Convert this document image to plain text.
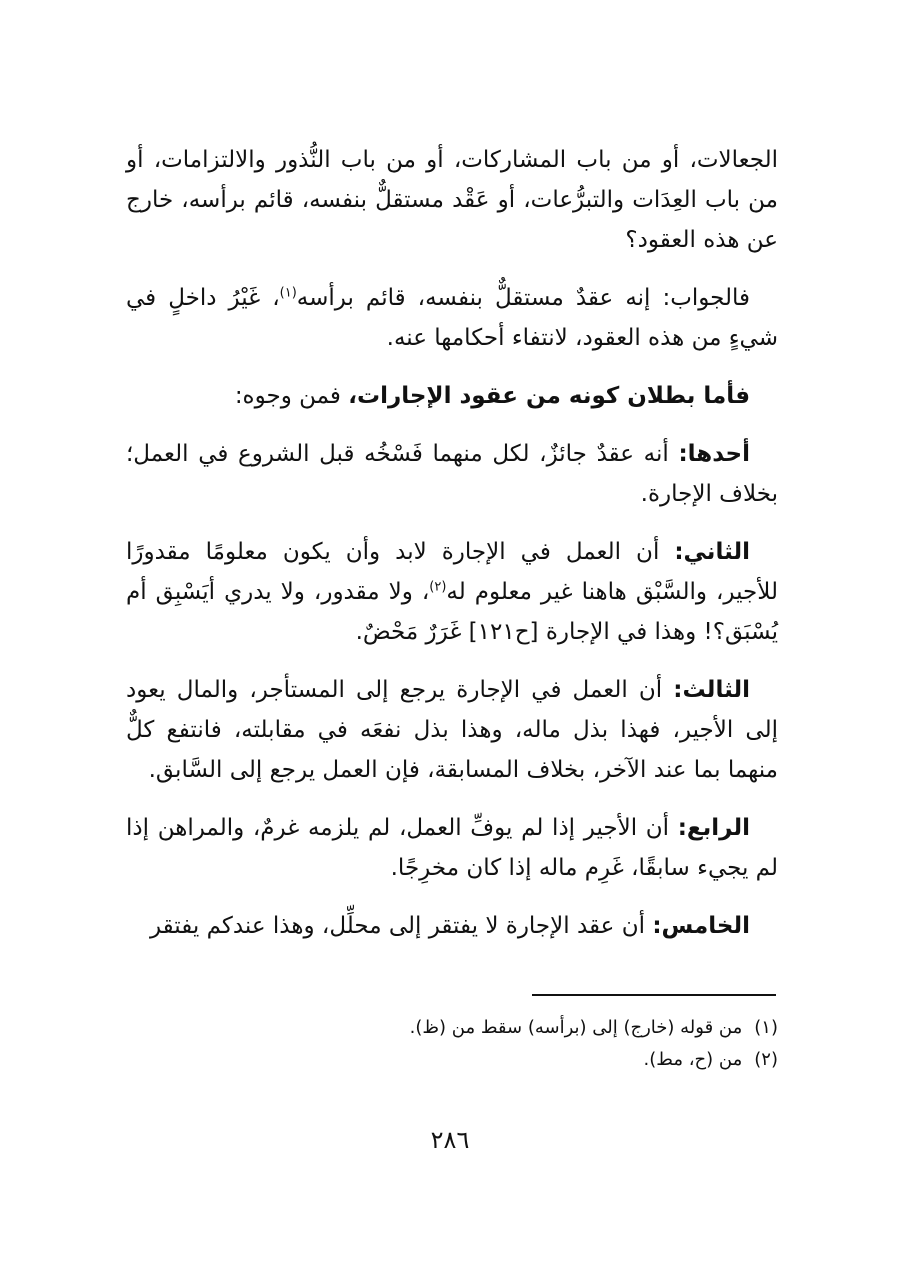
الجعالات، أو من باب المشاركات، أو من باب النُّذور والالتزامات، أو من باب العِدَات والتبرُّعات، أو عَقْد مستقلٌّ بنفسه، قائم برأسه، خارج عن هذه العقود؟

فالجواب: إنه عقدٌ مستقلٌّ بنفسه، قائم برأسه$^{(١)}$، غَيْرُ داخلٍ في شيءٍ من هذه العقود، لانتفاء أحكامها عنه.

فأما بطلان كونه من عقود الإجارات، فمن وجوه:

أحدها: أنه عقدٌ جائزٌ، لكل منهما فَسْخُه قبل الشروع في العمل؛ بخلاف الإجارة.

الثاني: أن العمل في الإجارة لابد وأن يكون معلومًا مقدورًا للأجير، والسَّبْق هاهنا غير معلوم له$^{(٢)}$، ولا مقدور، ولا يدري أيَسْبِق أم يُسْبَق؟! وهذا في الإجارة [ح١٢١] غَرَرٌ مَحْضٌ.

الثالث: أن العمل في الإجارة يرجع إلى المستأجر، والمال يعود إلى الأجير، فهذا بذل ماله، وهذا بذل نفعَه في مقابلته، فانتفع كلٌّ منهما بما عند الآخر، بخلاف المسابقة، فإن العمل يرجع إلى السَّابق.

الرابع: أن الأجير إذا لم يوفِّ العمل، لم يلزمه غرمٌ، والمراهن إذا لم يجيء سابقًا، غَرِم ماله إذا كان مخرِجًا.

الخامس: أن عقد الإجارة لا يفتقر إلى محلِّل، وهذا عندكم يفتقر

(١)من قوله (خارج) إلى (برأسه) سقط من (ظ).
(٢)من (ح، مط).
٢٨٦
